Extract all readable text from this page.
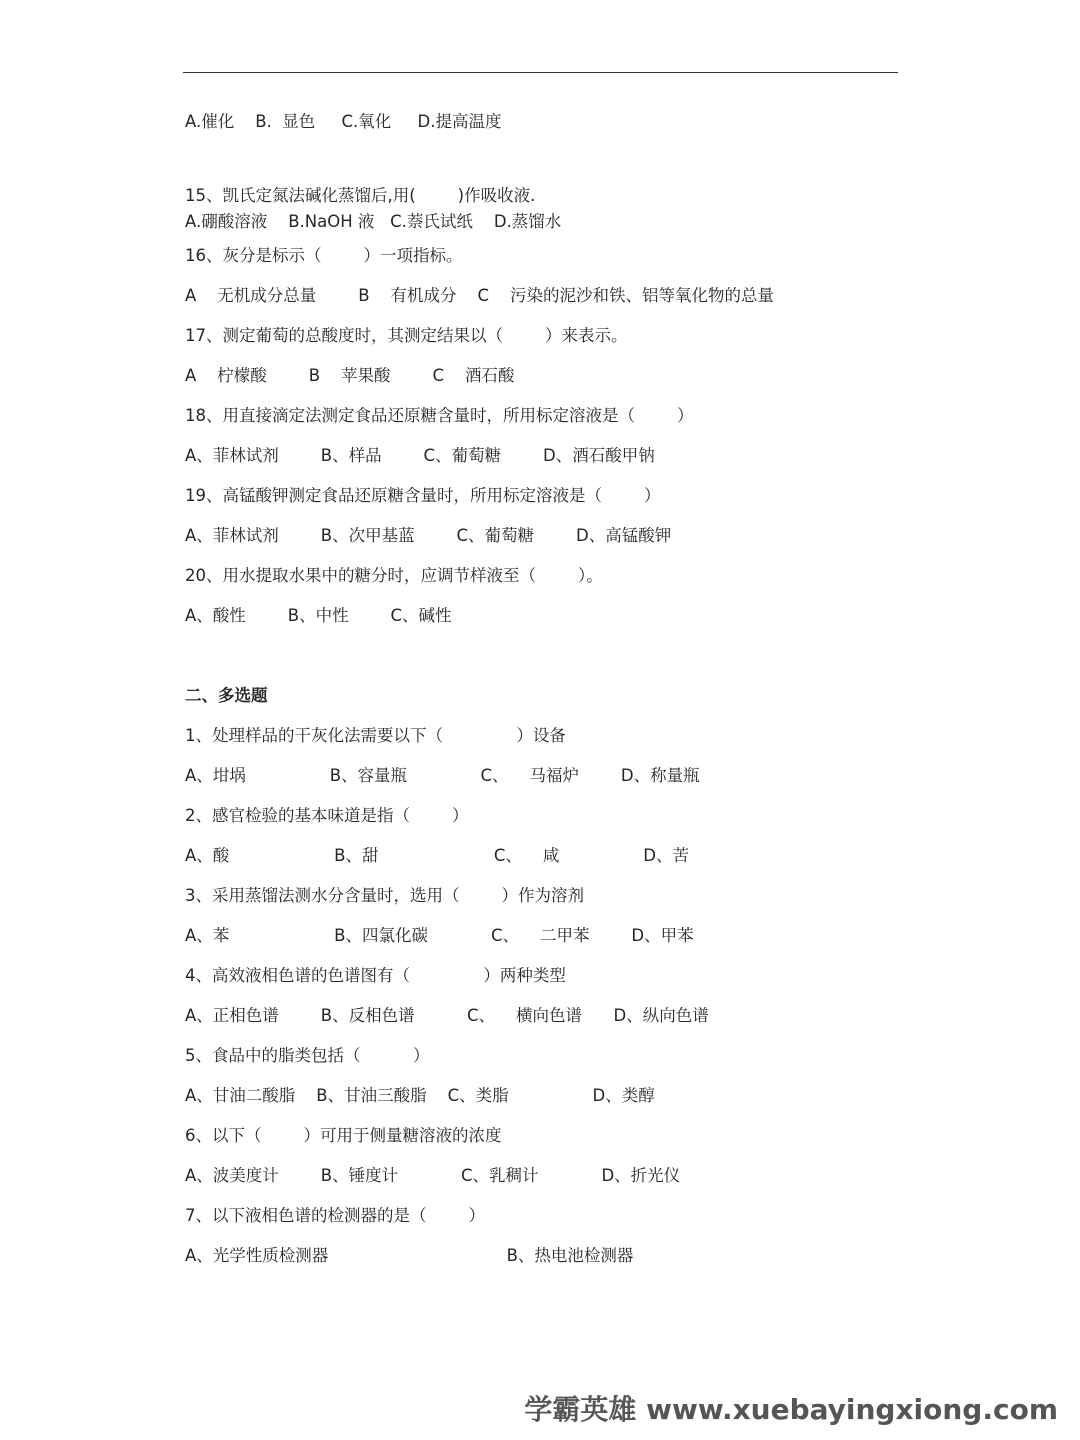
A.催化    B.  显色     C.氧化     D.提高温度
15、凯氏定氮法碱化蒸馏后,用(        )作吸收液.
A.硼酸溶液    B.NaOH 液   C.萘氏试纸    D.蒸馏水
16、灰分是标示（        ）一项指标。
A    无机成分总量        B    有机成分    C    污染的泥沙和铁、铝等氧化物的总量
17、测定葡萄的总酸度时，其测定结果以（        ）来表示。
A    柠檬酸        B    苹果酸        C    酒石酸
18、用直接滴定法测定食品还原糖含量时，所用标定溶液是（        ）
A、菲林试剂        B、样品        C、葡萄糖        D、酒石酸甲钠
19、高锰酸钾测定食品还原糖含量时，所用标定溶液是（        ）
A、菲林试剂        B、次甲基蓝        C、葡萄糖        D、高锰酸钾
20、用水提取水果中的糖分时，应调节样液至（        ）。
A、酸性        B、中性        C、碱性
二、多选题
1、处理样品的干灰化法需要以下（              ）设备
A、坩埚                B、容量瓶              C、    马福炉        D、称量瓶
2、感官检验的基本味道是指（        ）
A、酸                    B、甜                      C、    咸                D、苦
3、采用蒸馏法测水分含量时，选用（        ）作为溶剂
A、苯                    B、四氯化碳            C、    二甲苯        D、甲苯
4、高效液相色谱的色谱图有（              ）两种类型
A、正相色谱        B、反相色谱          C、    横向色谱      D、纵向色谱
5、食品中的脂类包括（          ）
A、甘油二酸脂    B、甘油三酸脂    C、类脂                D、类醇
6、以下（        ）可用于侧量糖溶液的浓度
A、波美度计        B、锤度计            C、乳稠计            D、折光仪
7、以下液相色谱的检测器的是（        ）
A、光学性质检测器                                  B、热电池检测器
学霸英雄 www.xuebayingxiong.com
